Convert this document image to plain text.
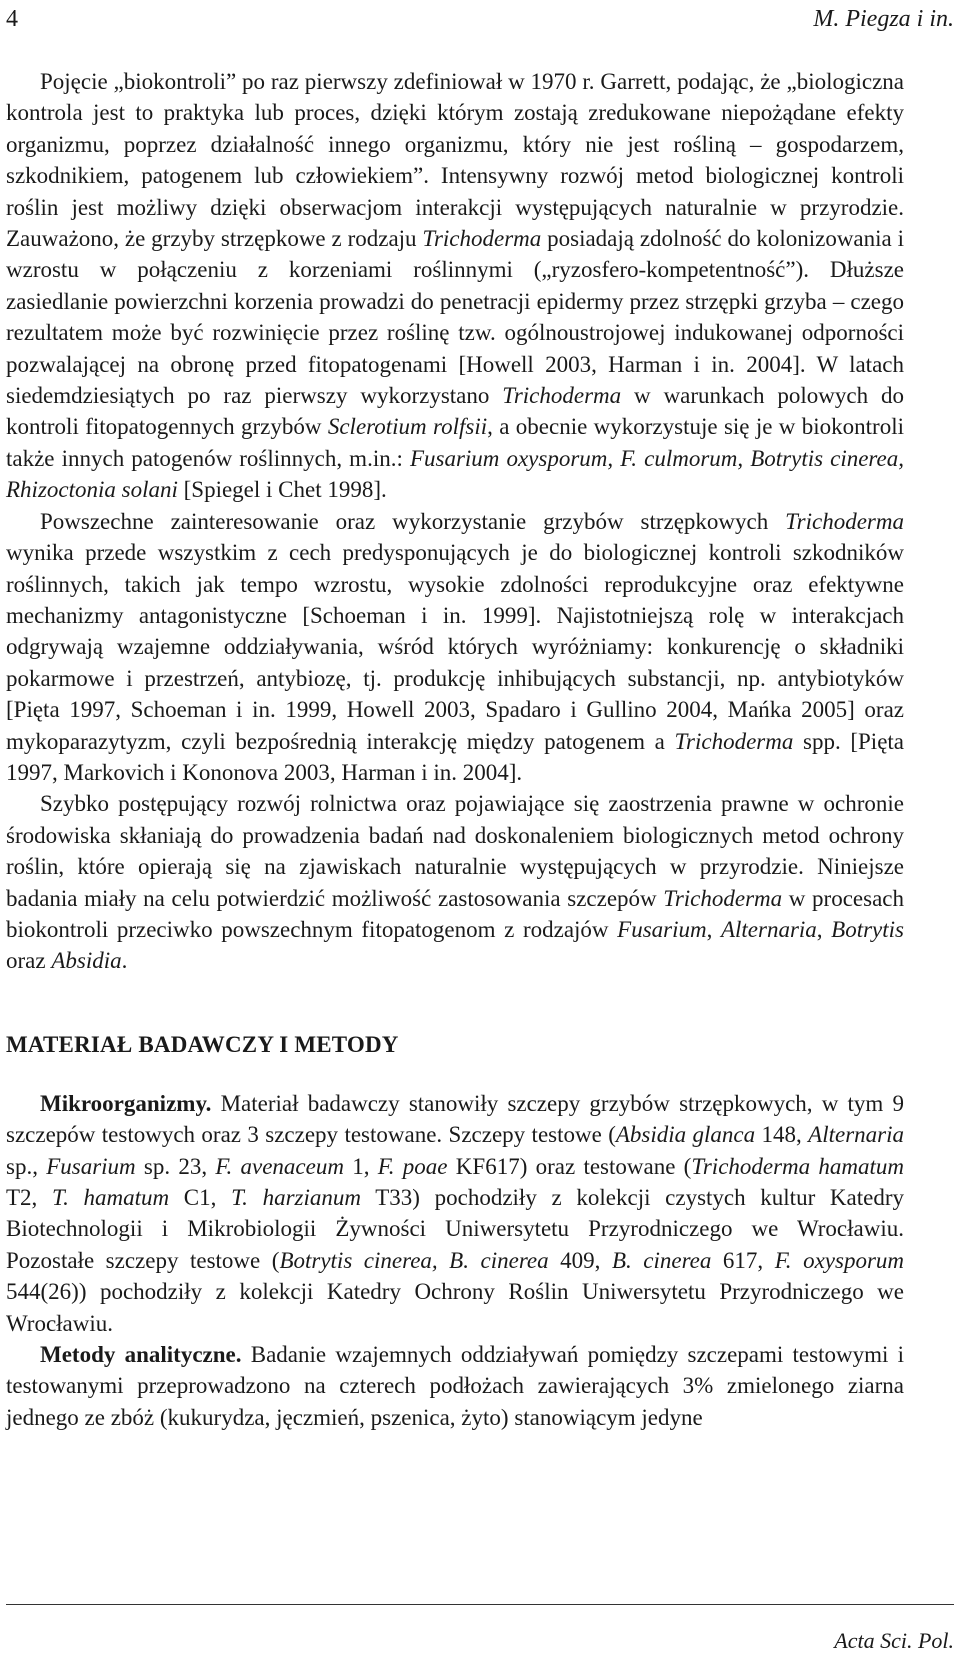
4	M. Piegza i in.

Pojęcie „biokontroli” po raz pierwszy zdefiniował w 1970 r. Garrett, podając, że „biologiczna kontrola jest to praktyka lub proces, dzięki którym zostają zredukowane niepożądane efekty organizmu, poprzez działalność innego organizmu, który nie jest rośliną – gospodarzem, szkodnikiem, patogenem lub człowiekiem”. Intensywny rozwój metod biologicznej kontroli roślin jest możliwy dzięki obserwacjom interakcji występujących naturalnie w przyrodzie. Zauważono, że grzyby strzępkowe z rodzaju Trichoderma posiadają zdolność do kolonizowania i wzrostu w połączeniu z korzeniami roślinnymi („ryzosfero-kompetentność”). Dłuższe zasiedlanie powierzchni korzenia prowadzi do penetracji epidermy przez strzępki grzyba – czego rezultatem może być rozwinięcie przez roślinę tzw. ogólnoustrojowej indukowanej odporności pozwalającej na obronę przed fitopatogenami [Howell 2003, Harman i in. 2004]. W latach siedemdziesiątych po raz pierwszy wykorzystano Trichoderma w warunkach polowych do kontroli fitopatogennych grzybów Sclerotium rolfsii, a obecnie wykorzystuje się je w biokontroli także innych patogenów roślinnych, m.in.: Fusarium oxysporum, F. culmorum, Botrytis cinerea, Rhizoctonia solani [Spiegel i Chet 1998].

Powszechne zainteresowanie oraz wykorzystanie grzybów strzępkowych Trichoderma wynika przede wszystkim z cech predysponujących je do biologicznej kontroli szkodników roślinnych, takich jak tempo wzrostu, wysokie zdolności reprodukcyjne oraz efektywne mechanizmy antagonistyczne [Schoeman i in. 1999]. Najistotniejszą rolę w interakcjach odgrywają wzajemne oddziaływania, wśród których wyróżniamy: konkurencję o składniki pokarmowe i przestrzeń, antybiozę, tj. produkcję inhibujących substancji, np. antybiotyków [Pięta 1997, Schoeman i in. 1999, Howell 2003, Spadaro i Gullino 2004, Mańka 2005] oraz mykoparazytyzm, czyli bezpośrednią interakcję między patogenem a Trichoderma spp. [Pięta 1997, Markovich i Kononova 2003, Harman i in. 2004].

Szybko postępujący rozwój rolnictwa oraz pojawiające się zaostrzenia prawne w ochronie środowiska skłaniają do prowadzenia badań nad doskonaleniem biologicznych metod ochrony roślin, które opierają się na zjawiskach naturalnie występujących w przyrodzie. Niniejsze badania miały na celu potwierdzić możliwość zastosowania szczepów Trichoderma w procesach biokontroli przeciwko powszechnym fitopatogenom z rodzajów Fusarium, Alternaria, Botrytis oraz Absidia.

MATERIAŁ BADAWCZY I METODY

Mikroorganizmy. Materiał badawczy stanowiły szczepy grzybów strzępkowych, w tym 9 szczepów testowych oraz 3 szczepy testowane. Szczepy testowe (Absidia glanca 148, Alternaria sp., Fusarium sp. 23, F. avenaceum 1, F. poae KF617) oraz testowane (Trichoderma hamatum T2, T. hamatum C1, T. harzianum T33) pochodziły z kolekcji czystych kultur Katedry Biotechnologii i Mikrobiologii Żywności Uniwersytetu Przyrodniczego we Wrocławiu. Pozostałe szczepy testowe (Botrytis cinerea, B. cinerea 409, B. cinerea 617, F. oxysporum 544(26)) pochodziły z kolekcji Katedry Ochrony Roślin Uniwersytetu Przyrodniczego we Wrocławiu.

Metody analityczne. Badanie wzajemnych oddziaływań pomiędzy szczepami testowymi i testowanymi przeprowadzono na czterech podłożach zawierających 3% zmielonego ziarna jednego ze zbóż (kukurydza, jęczmień, pszenica, żyto) stanowiącym jedyne

Acta Sci. Pol.
